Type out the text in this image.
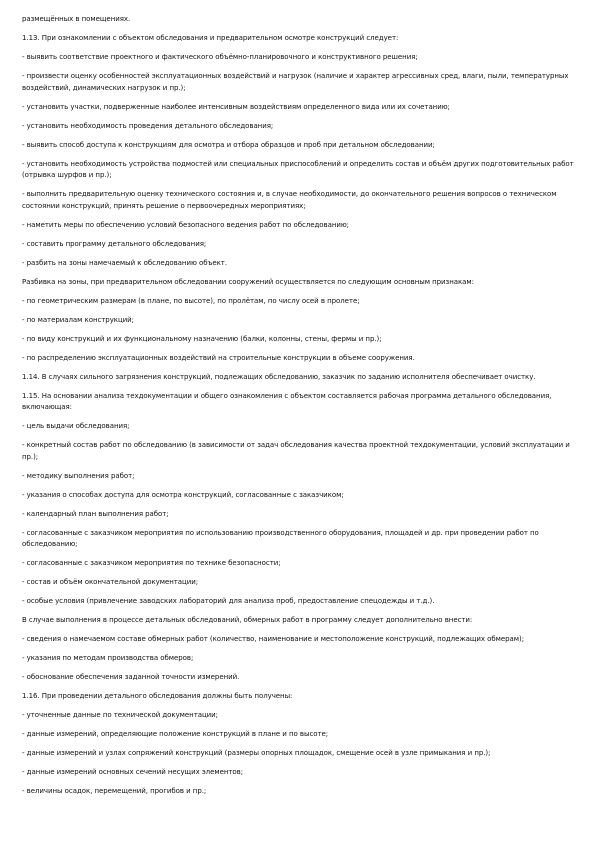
размещённых в помещениях.

1.13. При ознакомлении с объектом обследования и предварительном осмотре конструкций следует:

- выявить соответствие проектного и фактического объёмно-планировочного и конструктивного решения;

- произвести оценку особенностей эксплуатационных воздействий и нагрузок (наличие и характер агрессивных сред, влаги, пыли, температурных воздействий, динамических нагрузок и пр.);

- установить участки, подверженные наиболее интенсивным воздействиям определенного вида или их сочетанию;

- установить необходимость проведения детального обследования;

- выявить способ доступа к конструкциям для осмотра и отбора образцов и проб при детальном обследовании;

- установить необходимость устройства подмостей или специальных приспособлений и определить состав и объём других подготовительных работ (отрывка шурфов и пр.);

- выполнить предварительную оценку технического состояния и, в случае необходимости, до окончательного решения вопросов о техническом состоянии конструкций, принять решение о первоочередных мероприятиях;

- наметить меры по обеспечению условий безопасного ведения работ по обследованию;

- составить программу детального обследования;

- разбить на зоны намечаемый к обследованию объект.

Разбивка на зоны, при предварительном обследовании сооружений осуществляется по следующим основным признакам:

- по геометрическим размерам (в плане, по высоте), по пролётам, по числу осей в пролете;

- по материалам конструкций;

- по виду конструкций и их функциональному назначению (балки, колонны, стены, фермы и пр.);

- по распределению эксплуатационных воздействий на строительные конструкции в объеме сооружения.

1.14. В случаях сильного загрязнения конструкций, подлежащих обследованию, заказчик по заданию исполнителя обеспечивает очистку.

1.15. На основании анализа техдокументации и общего ознакомления с объектом составляется рабочая программа детального обследования, включающая:

- цель выдачи обследования;

- конкретный состав работ по обследованию (в зависимости от задач обследования качества проектной техдокументации, условий эксплуатации и пр.);

- методику выполнения работ;

- указания о способах доступа для осмотра конструкций, согласованные с заказчиком;

- календарный план выполнения работ;

- согласованные с заказчиком мероприятия по использованию производственного оборудования, площадей и др. при проведении работ по обследованию;

- согласованные с заказчиком мероприятия по технике безопасности;

- состав и объём окончательной документации;

- особые условия (привлечение заводских лабораторий для анализа проб, предоставление спецодежды и т.д.).

В случае выполнения в процессе детальных обследований, обмерных работ в программу следует дополнительно внести:

- сведения о намечаемом составе обмерных работ (количество, наименование и местоположение конструкций, подлежащих обмерам);

- указания по методам производства обмеров;

- обоснование обеспечения заданной точности измерений.

1.16. При проведении детального обследования должны быть получены:

- уточненные данные по технической документации;

- данные измерений, определяющие положение конструкций в плане и по высоте;

- данные измерений и узлах сопряжений конструкций (размеры опорных площадок, смещение осей в узле примыкания и пр.);

- данные измерений основных сечений несущих элементов;

- величины осадок, перемещений, прогибов и пр.;
